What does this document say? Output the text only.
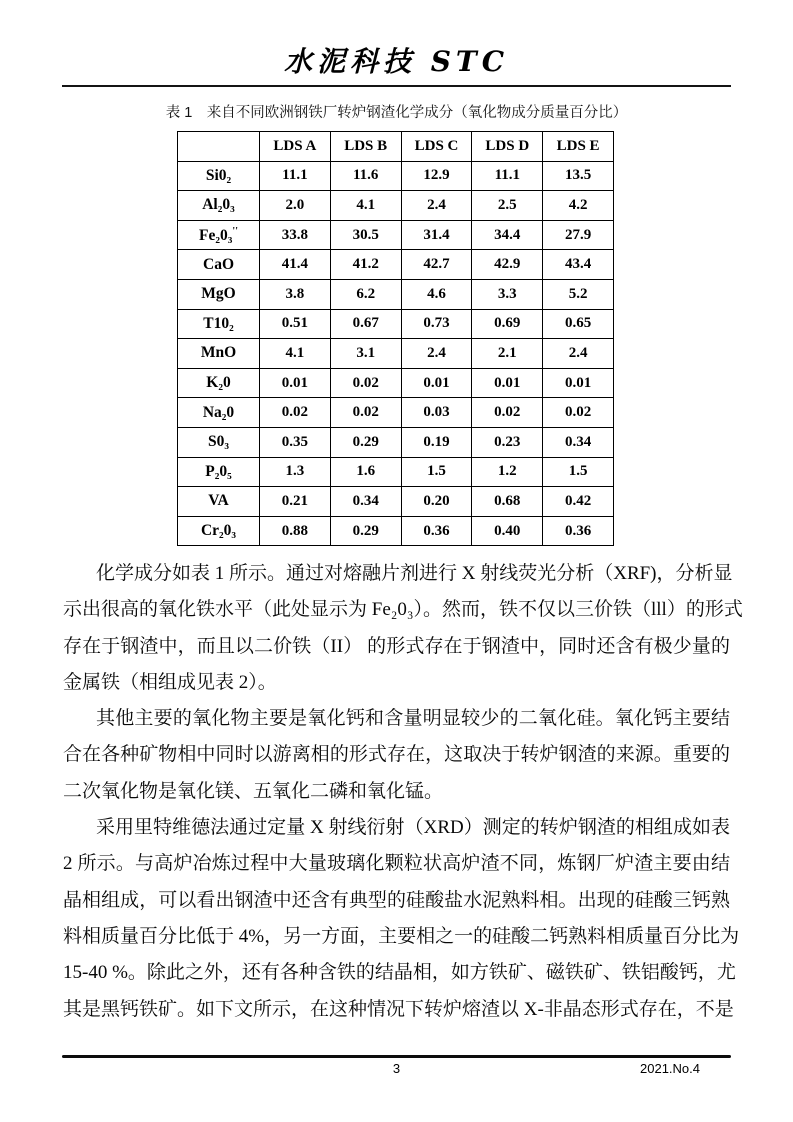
水泥科技 STC
表 1　来自不同欧洲钢铁厂转炉钢渣化学成分（氧化物成分质量百分比）
	LDS A	LDS B	LDS C	LDS D	LDS E
Si0₂	11.1	11.6	12.9	11.1	13.5
Al₂0₃	2.0	4.1	2.4	2.5	4.2
Fe₂0₃''	33.8	30.5	31.4	34.4	27.9
CaO	41.4	41.2	42.7	42.9	43.4
MgO	3.8	6.2	4.6	3.3	5.2
T10₂	0.51	0.67	0.73	0.69	0.65
MnO	4.1	3.1	2.4	2.1	2.4
K₂0	0.01	0.02	0.01	0.01	0.01
Na₂0	0.02	0.02	0.03	0.02	0.02
S0₃	0.35	0.29	0.19	0.23	0.34
P₂0₅	1.3	1.6	1.5	1.2	1.5
VA	0.21	0.34	0.20	0.68	0.42
Cr₂0₃	0.88	0.29	0.36	0.40	0.36
化学成分如表 1 所示。通过对熔融片剂进行 X 射线荧光分析（XRF)，分析显
示出很高的氧化铁水平（此处显示为 Fe₂0₃）。然而，铁不仅以三价铁（lll）的形式
存在于钢渣中，而且以二价铁（II） 的形式存在于钢渣中，同时还含有极少量的
金属铁（相组成见表 2）。
其他主要的氧化物主要是氧化钙和含量明显较少的二氧化硅。氧化钙主要结
合在各种矿物相中同时以游离相的形式存在，这取决于转炉钢渣的来源。重要的
二次氧化物是氧化镁、五氧化二磷和氧化锰。
采用里特维德法通过定量 X 射线衍射（XRD）测定的转炉钢渣的相组成如表
2 所示。与高炉冶炼过程中大量玻璃化颗粒状高炉渣不同，炼钢厂炉渣主要由结
晶相组成，可以看出钢渣中还含有典型的硅酸盐水泥熟料相。出现的硅酸三钙熟
料相质量百分比低于 4%，另一方面，主要相之一的硅酸二钙熟料相质量百分比为
15-40 %。除此之外，还有各种含铁的结晶相，如方铁矿、磁铁矿、铁铝酸钙，尤
其是黑钙铁矿。如下文所示，在这种情况下转炉熔渣以 X-非晶态形式存在，不是
3	2021.No.4
